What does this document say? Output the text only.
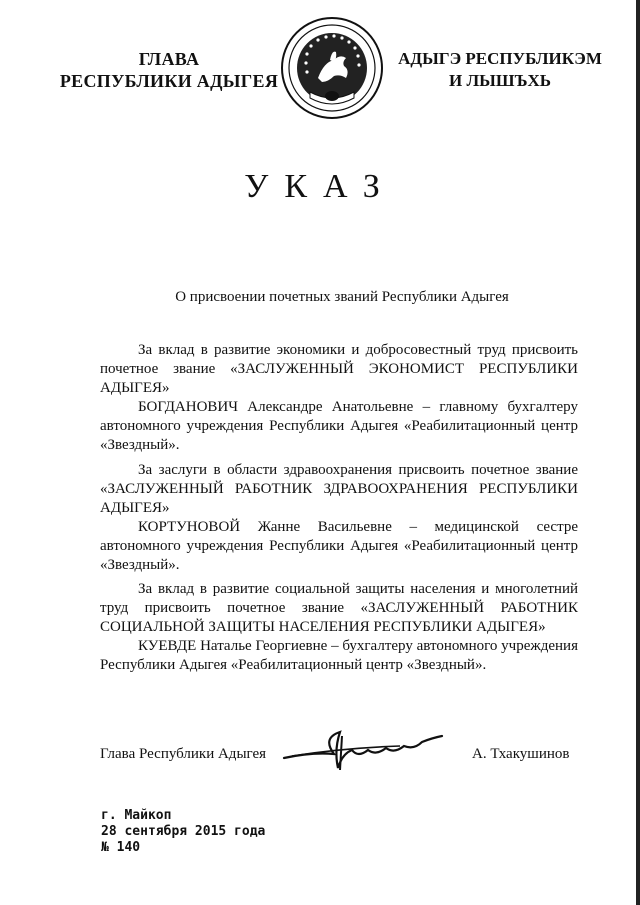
ГЛАВА
РЕСПУБЛИКИ АДЫГЕЯ
АДЫГЭ РЕСПУБЛИКЭМ
И ЛЫШЪХЬ
УКАЗ
О присвоении почетных званий Республики Адыгея

За вклад в развитие экономики и добросовестный труд присвоить почетное звание «ЗАСЛУЖЕННЫЙ ЭКОНОМИСТ РЕСПУБЛИКИ АДЫГЕЯ»

БОГДАНОВИЧ Александре Анатольевне – главному бухгалтеру автономного учреждения Республики Адыгея «Реабилитационный центр «Звездный».

За заслуги в области здравоохранения присвоить почетное звание «ЗАСЛУЖЕННЫЙ РАБОТНИК ЗДРАВООХРАНЕНИЯ РЕСПУБЛИКИ АДЫГЕЯ»

КОРТУНОВОЙ Жанне Васильевне – медицинской сестре автономного учреждения Республики Адыгея «Реабилитационный центр «Звездный».

За вклад в развитие социальной защиты населения и многолетний труд присвоить почетное звание «ЗАСЛУЖЕННЫЙ РАБОТНИК СОЦИАЛЬНОЙ ЗАЩИТЫ НАСЕЛЕНИЯ РЕСПУБЛИКИ АДЫГЕЯ»

КУЕВДЕ Наталье Георгиевне – бухгалтеру автономного учреждения Республики Адыгея «Реабилитационный центр «Звездный».

Глава Республики Адыгея	А. Тхакушинов
г. Майкоп
28 сентября 2015 года
№ 140
